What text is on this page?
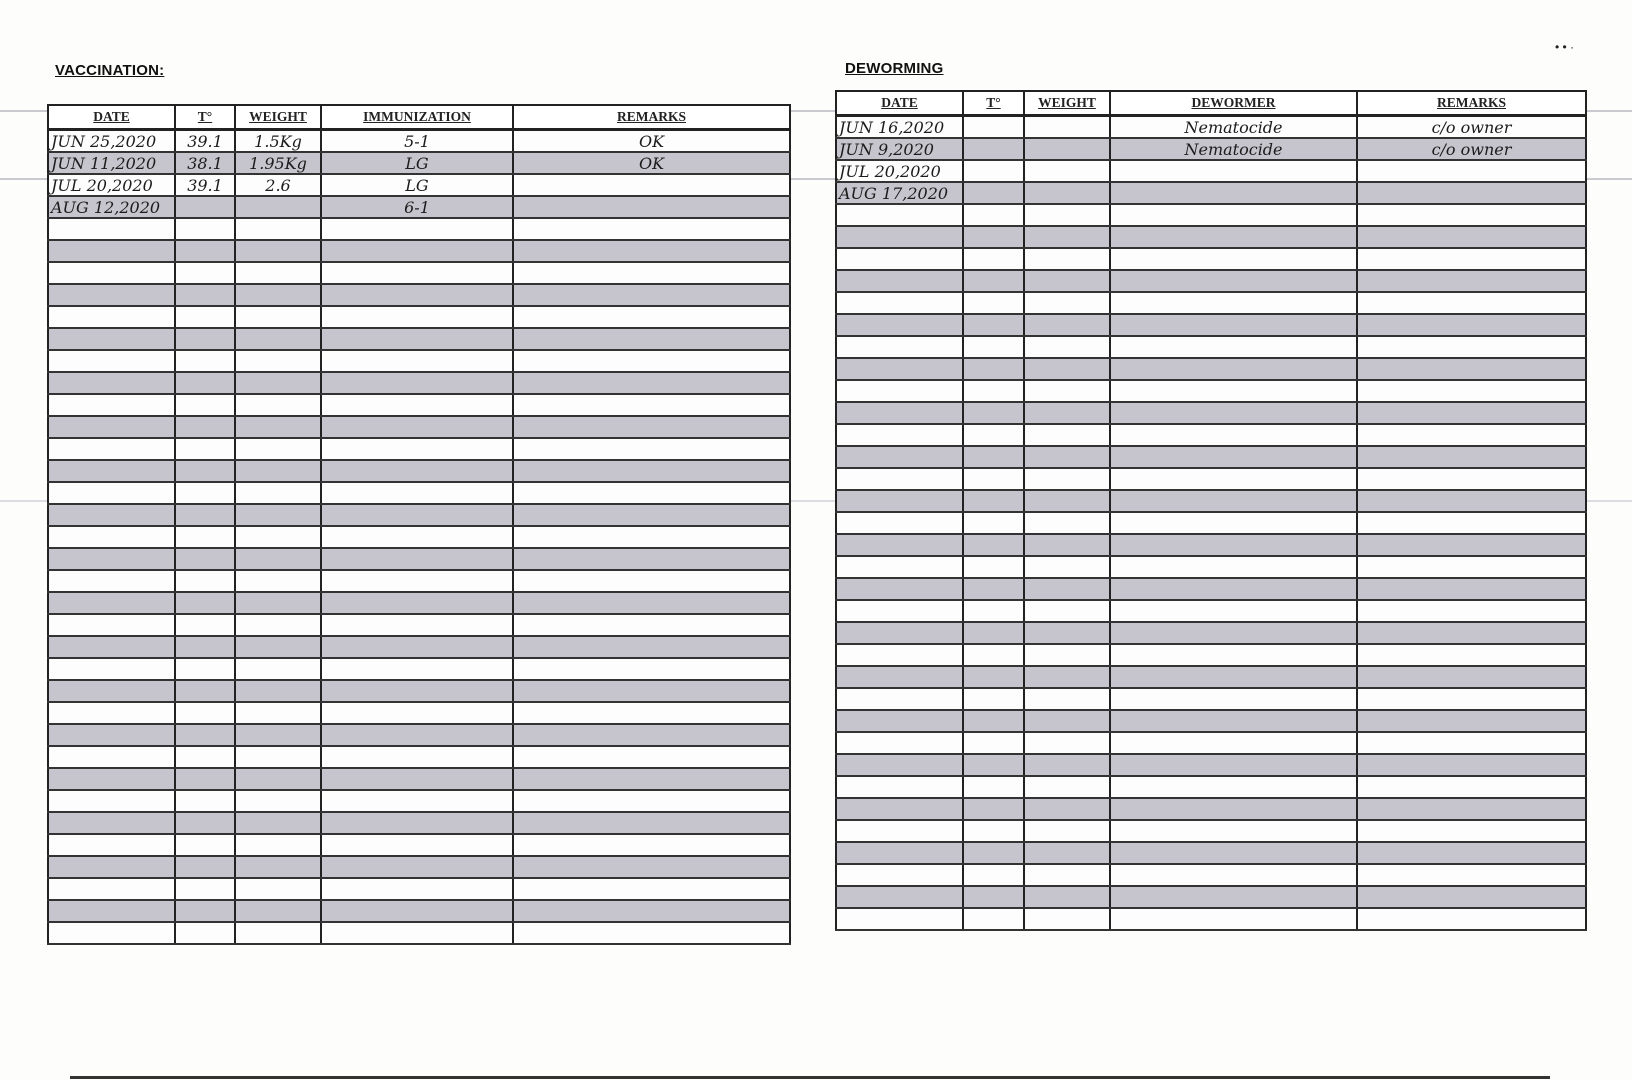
• • ·
VACCINATION:	DEWORMING
DATE	T°	WEIGHT	IMMUNIZATION	REMARKS
JUN 25,2020	39.1	1.5Kg	5-1	OK
JUN 11,2020	38.1	1.95Kg	LG	OK
JUL 20,2020	39.1	2.6	LG	
AUG 12,2020			6-1	

DATE	T°	WEIGHT	DEWORMER	REMARKS
JUN 16,2020			Nematocide	c/o owner
JUN 9,2020			Nematocide	c/o owner
JUL 20,2020				
AUG 17,2020				
